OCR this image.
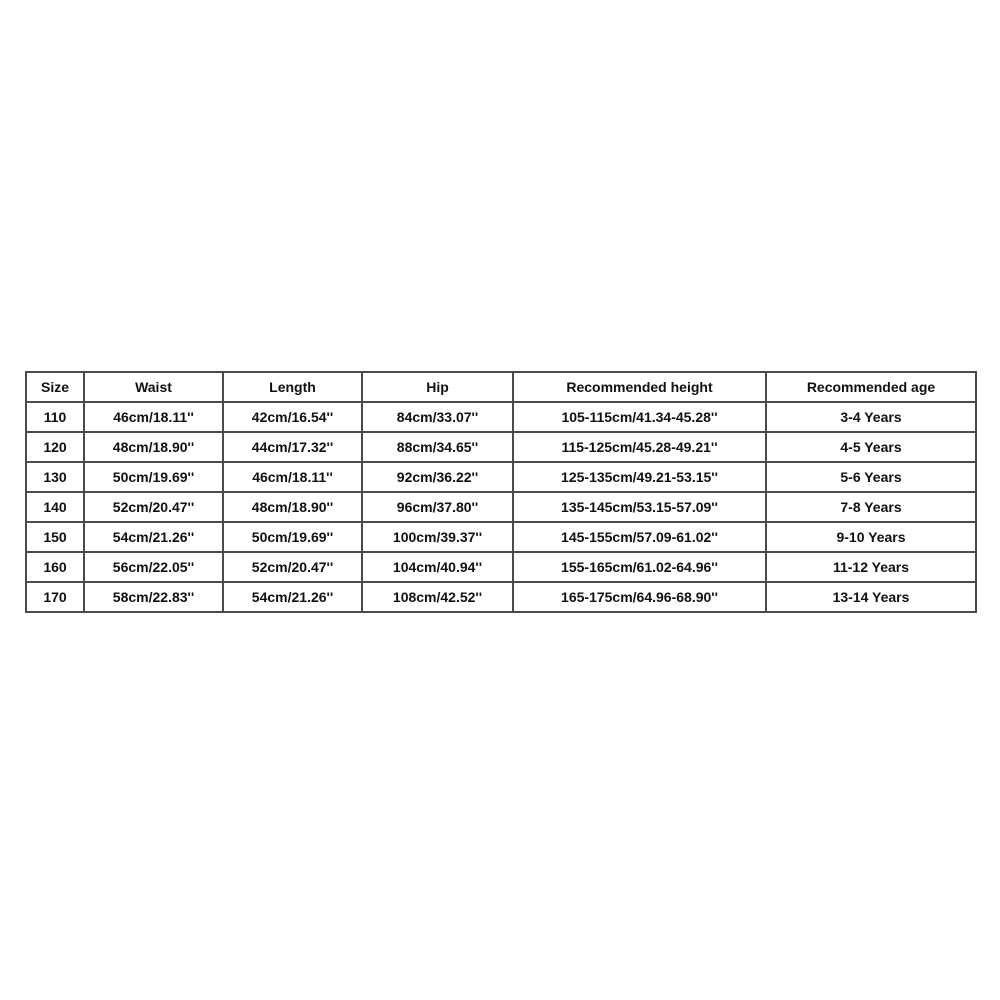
Size	Waist	Length	Hip	Recommended height	Recommended age
110	46cm/18.11''	42cm/16.54''	84cm/33.07''	105-115cm/41.34-45.28''	3-4 Years
120	48cm/18.90''	44cm/17.32''	88cm/34.65''	115-125cm/45.28-49.21''	4-5 Years
130	50cm/19.69''	46cm/18.11''	92cm/36.22''	125-135cm/49.21-53.15''	5-6 Years
140	52cm/20.47''	48cm/18.90''	96cm/37.80''	135-145cm/53.15-57.09''	7-8 Years
150	54cm/21.26''	50cm/19.69''	100cm/39.37''	145-155cm/57.09-61.02''	9-10 Years
160	56cm/22.05''	52cm/20.47''	104cm/40.94''	155-165cm/61.02-64.96''	11-12 Years
170	58cm/22.83''	54cm/21.26''	108cm/42.52''	165-175cm/64.96-68.90''	13-14 Years
